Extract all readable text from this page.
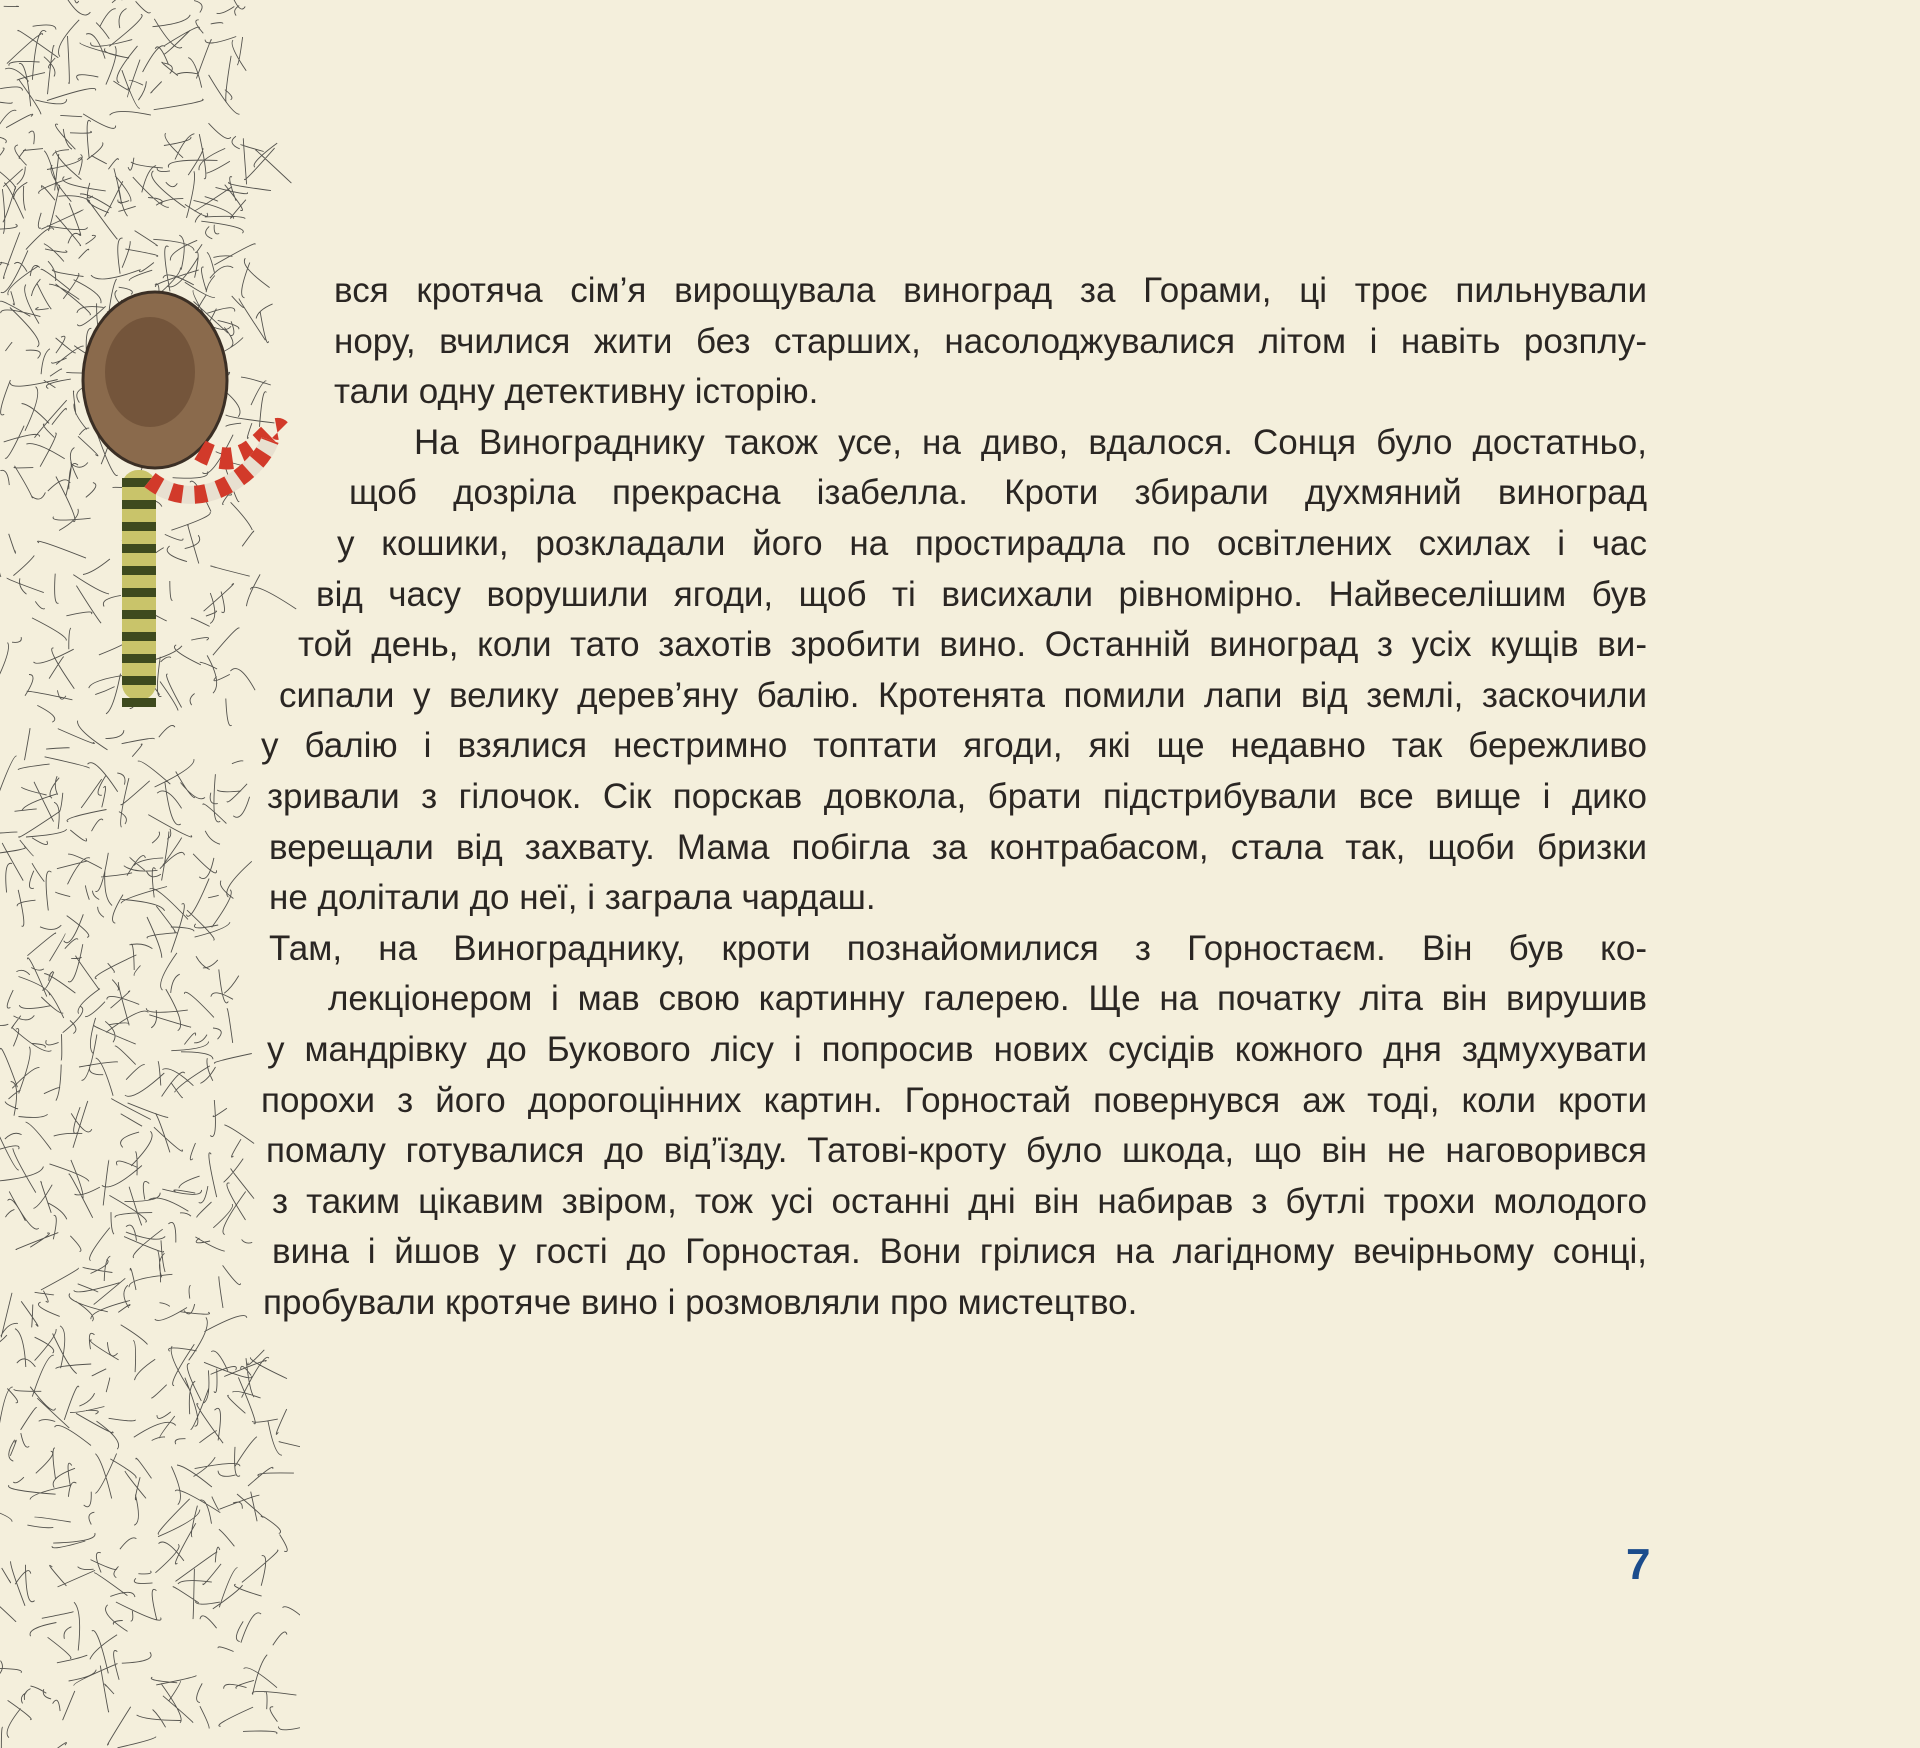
вся кротяча сім’я вирощувала виноград за Горами, ці троє пильнували
нору, вчилися жити без старших, насолоджувалися літом і навіть розплу-
тали одну детективну історію.
На Винограднику також усе, на диво, вдалося. Сонця було достатньо,
щоб дозріла прекрасна ізабелла. Кроти збирали духмяний виноград
у кошики, розкладали його на простирадла по освітлених схилах і час
від часу ворушили ягоди, щоб ті висихали рівномірно. Найвеселішим був
той день, коли тато захотів зробити вино. Останній виноград з усіх кущів ви-
сипали у велику дерев’яну балію. Кротенята помили лапи від землі, заскочили
у балію і взялися нестримно топтати ягоди, які ще недавно так бережливо
зривали з гілочок. Сік порскав довкола, брати підстрибували все вище і дико
верещали від захвату. Мама побігла за контрабасом, стала так, щоби бризки
не долітали до неї, і заграла чардаш.
Там, на Винограднику, кроти познайомилися з Горностаєм. Він був ко-
лекціонером і мав свою картинну галерею. Ще на початку літа він вирушив
у мандрівку до Букового лісу і попросив нових сусідів кожного дня здмухувати
порохи з його дорогоцінних картин. Горностай повернувся аж тоді, коли кроти
помалу готувалися до від’їзду. Татові-кроту було шкода, що він не наговорився
з таким цікавим звіром, тож усі останні дні він набирав з бутлі трохи молодого
вина і йшов у гості до Горностая. Вони грілися на лагідному вечірньому сонці,
пробували кротяче вино і розмовляли про мистецтво.
7
